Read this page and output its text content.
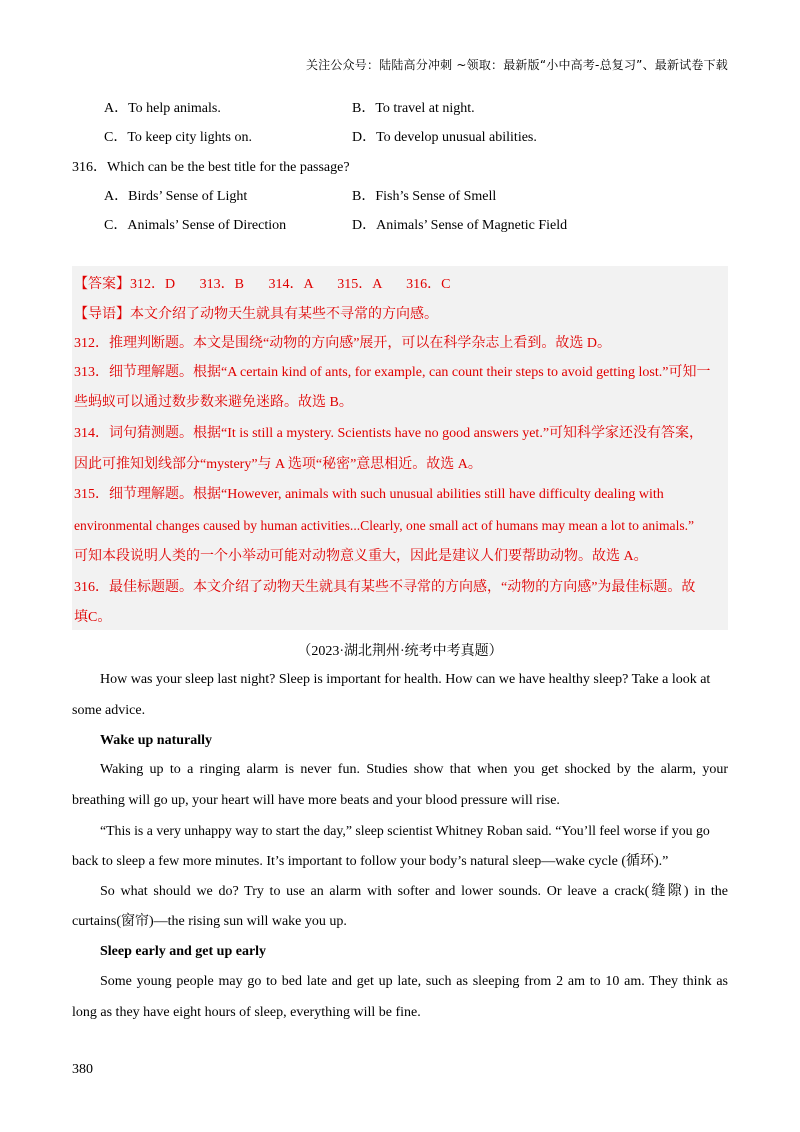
关注公众号：陆陆高分冲刺 ~领取：最新版“小中高考-总复习”、最新试卷下载
A．To help animals.	B．To travel at night.
C．To keep city lights on.	D．To develop unusual abilities.
316．Which can be the best title for the passage?
A．Birds’ Sense of Light	B．Fish’s Sense of Smell
C．Animals’ Sense of Direction	D．Animals’ Sense of Magnetic Field
【答案】312．D       313．B       314．A       315．A       316．C
【导语】本文介绍了动物天生就具有某些不寻常的方向感。
312．推理判断题。本文是围绕“动物的方向感”展开，可以在科学杂志上看到。故选 D。
313．细节理解题。根据“A certain kind of ants, for example, can count their steps to avoid getting lost.”可知一
些蚂蚁可以通过数步数来避免迷路。故选 B。
314．词句猜测题。根据“It is still a mystery. Scientists have no good answers yet.”可知科学家还没有答案，
因此可推知划线部分“mystery”与 A 选项“秘密”意思相近。故选 A。
315．细节理解题。根据“However, animals with such unusual abilities still have difficulty dealing with
environmental changes caused by human activities...Clearly, one small act of humans may mean a lot to animals.”
可知本段说明人类的一个小举动可能对动物意义重大，因此是建议人们要帮助动物。故选 A。
316．最佳标题题。本文介绍了动物天生就具有某些不寻常的方向感，“动物的方向感”为最佳标题。故
填C。
（2023·湖北荆州·统考中考真题）
How was your sleep last night? Sleep is important for health. How can we have healthy sleep? Take a look at
some advice.
Wake up naturally
Waking up to a ringing alarm is never fun. Studies show that when you get shocked by the alarm, your
breathing will go up, your heart will have more beats and your blood pressure will rise.
“This is a very unhappy way to start the day,” sleep scientist Whitney Roban said. “You’ll feel worse if you go
back to sleep a few more minutes. It’s important to follow your body’s natural sleep—wake cycle (循环).”
So what should we do? Try to use an alarm with softer and lower sounds. Or leave a crack(缝隙) in the
curtains(窗帘)—the rising sun will wake you up.
Sleep early and get up early
Some young people may go to bed late and get up late, such as sleeping from 2 am to 10 am. They think as
long as they have eight hours of sleep, everything will be fine.
380
